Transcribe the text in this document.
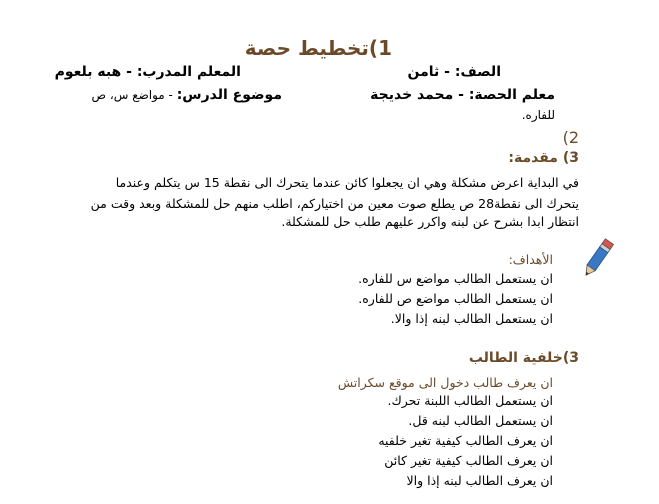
1)تخطيط حصة
الصف: - ثامن
المعلم المدرب: - هبه بلعوم
معلم الحصة: - محمد خديجة
موضوع الدرس: - مواضع س، ص
للفاره.
2)
3) مقدمة:
في البداية اعرض مشكلة وهي ان يجعلوا كائن عندما يتحرك الى نقطة 15 س يتكلم وعندما
يتحرك الى نقطة28 ص يطلع صوت معين من اختياركم، اطلب منهم حل للمشكلة وبعد وقت من
انتظار ابدا بشرح عن لبنه واكرر عليهم طلب حل للمشكلة.
الأهداف:
ان يستعمل الطالب مواضع س للفاره.
ان يستعمل الطالب مواضع ص للفاره.
ان يستعمل الطالب لبنه إذا والا.
3)خلفية الطالب
ان يعرف طالب دخول الى موقع سكراتش
ان يستعمل الطالب اللبنة تحرك.
ان يستعمل الطالب لبنه قل.
ان يعرف الطالب كيفية تغير خلفيه
ان يعرف الطالب كيفية تغير كائن
ان يعرف الطالب لبنه إذا والا
